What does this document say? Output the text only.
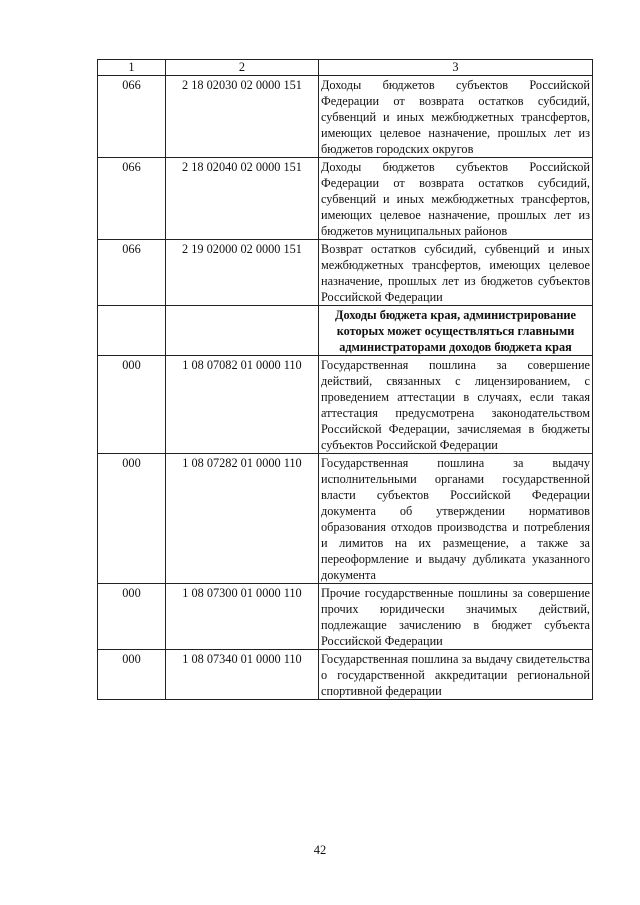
1	2	3
066	2 18 02030 02 0000 151	Доходы бюджетов субъектов Российской Федерации от возврата остатков субсидий, субвенций и иных межбюджетных трансфертов, имеющих целевое назначение, прошлых лет из бюджетов городских округов
066	2 18 02040 02 0000 151	Доходы бюджетов субъектов Российской Федерации от возврата остатков субсидий, субвенций и иных межбюджетных трансфертов, имеющих целевое назначение, прошлых лет из бюджетов муниципальных районов
066	2 19 02000 02 0000 151	Возврат остатков субсидий, субвенций и иных межбюджетных трансфертов, имеющих целевое назначение, прошлых лет из бюджетов субъектов Российской Федерации
		Доходы бюджета края, администрирование которых может осуществляться главными администраторами доходов бюджета края
000	1 08 07082 01 0000 110	Государственная пошлина за совершение действий, связанных с лицензированием, с проведением аттестации в случаях, если такая аттестация предусмотрена законодательством Российской Федерации, зачисляемая в бюджеты субъектов Российской Федерации
000	1 08 07282 01 0000 110	Государственная пошлина за выдачу исполнительными органами государственной власти субъектов Российской Федерации документа об утверждении нормативов образования отходов производства и потребления и лимитов на их размещение, а также за переоформление и выдачу дубликата указанного документа
000	1 08 07300 01 0000 110	Прочие государственные пошлины за совершение прочих юридически значимых действий, подлежащие зачислению в бюджет субъекта Российской Федерации
000	1 08 07340 01 0000 110	Государственная пошлина за выдачу свидетельства о государственной аккредитации региональной спортивной федерации
42
